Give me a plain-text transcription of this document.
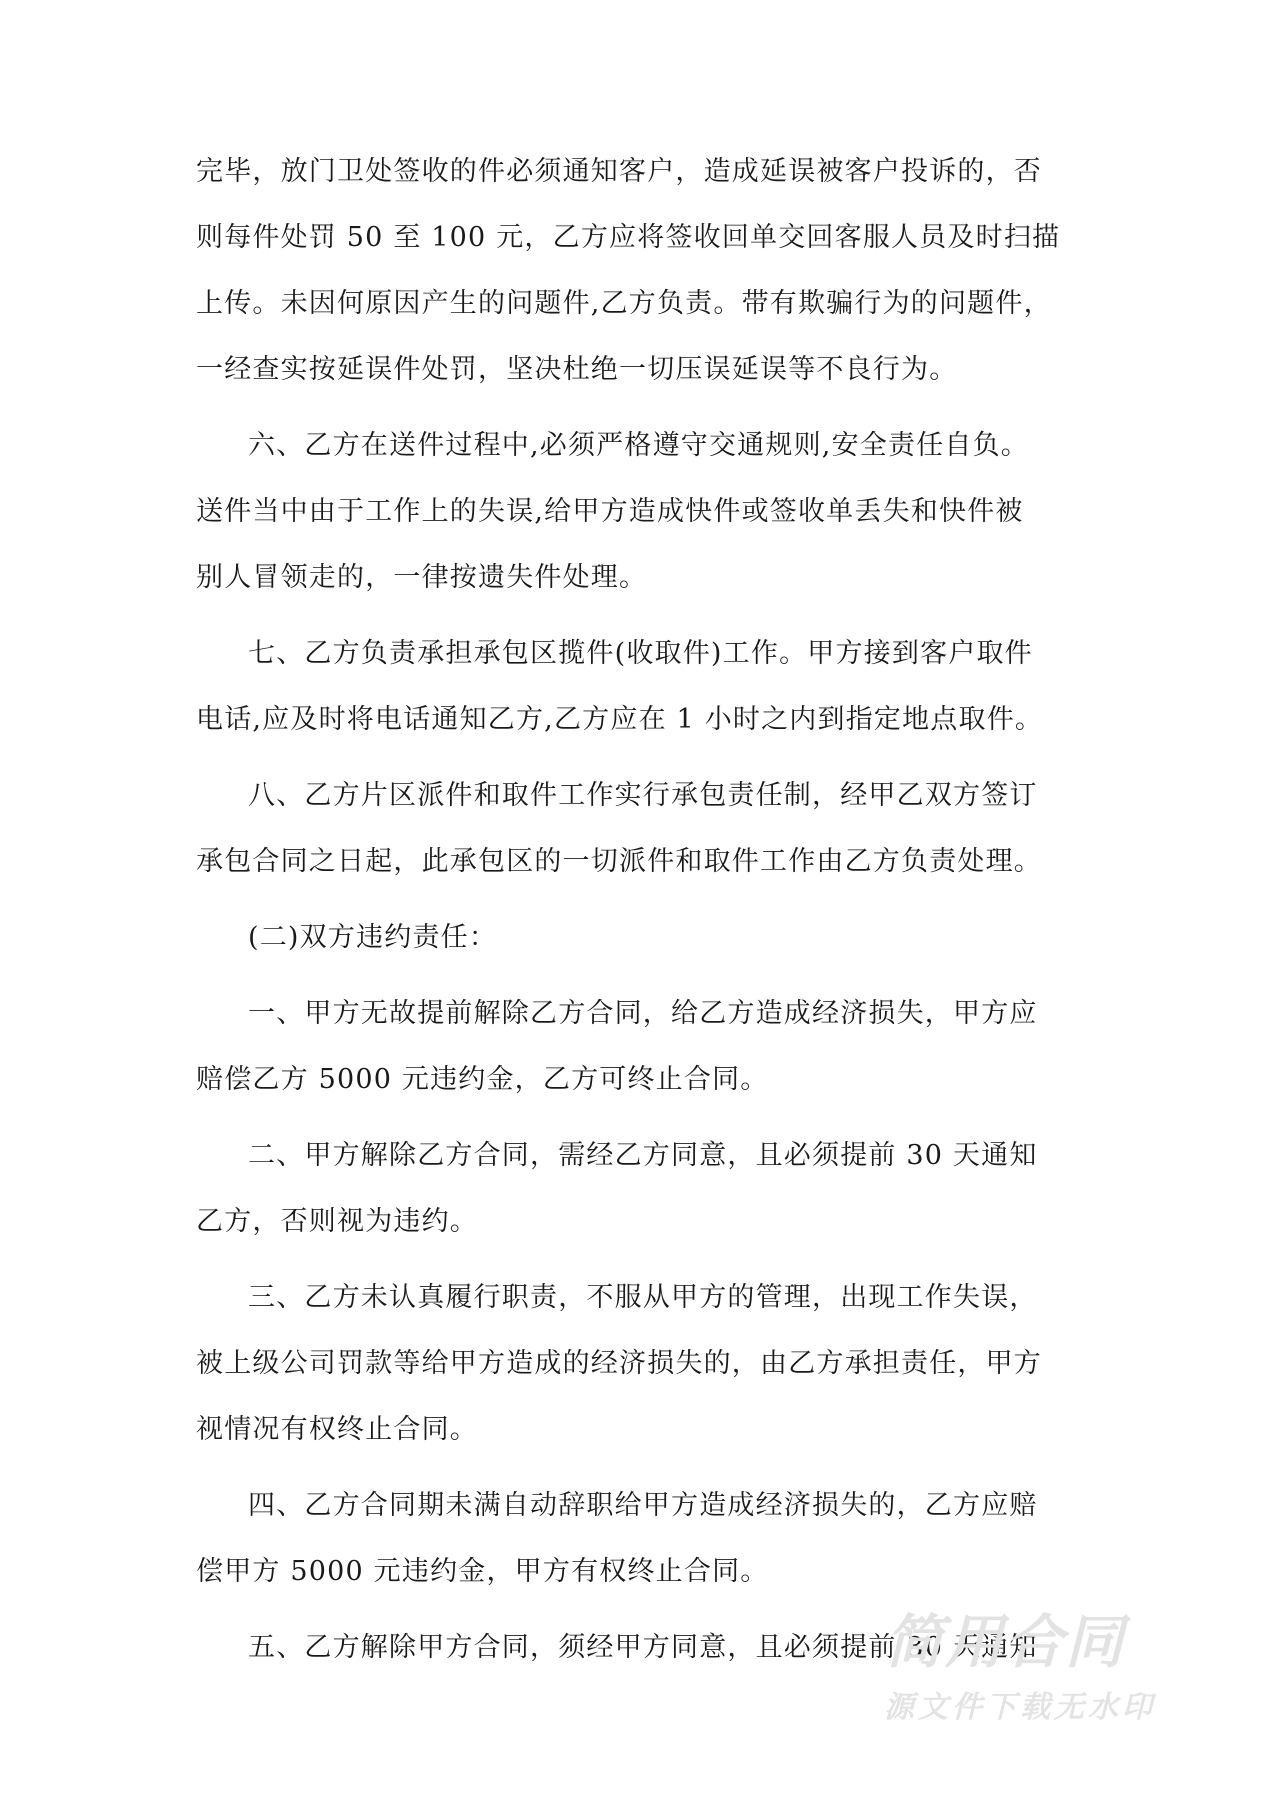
完毕，放门卫处签收的件必须通知客户，造成延误被客户投诉的，否
则每件处罚 50 至 100 元，乙方应将签收回单交回客服人员及时扫描
上传。未因何原因产生的问题件,乙方负责。带有欺骗行为的问题件，
一经查实按延误件处罚，坚决杜绝一切压误延误等不良行为。
六、乙方在送件过程中,必须严格遵守交通规则,安全责任自负。
送件当中由于工作上的失误,给甲方造成快件或签收单丢失和快件被
别人冒领走的，一律按遗失件处理。
七、乙方负责承担承包区揽件(收取件)工作。甲方接到客户取件
电话,应及时将电话通知乙方,乙方应在 1 小时之内到指定地点取件。
八、乙方片区派件和取件工作实行承包责任制，经甲乙双方签订
承包合同之日起，此承包区的一切派件和取件工作由乙方负责处理。
(二)双方违约责任：
一、甲方无故提前解除乙方合同，给乙方造成经济损失，甲方应
赔偿乙方 5000 元违约金，乙方可终止合同。
二、甲方解除乙方合同，需经乙方同意，且必须提前 30 天通知
乙方，否则视为违约。
三、乙方未认真履行职责，不服从甲方的管理，出现工作失误，
被上级公司罚款等给甲方造成的经济损失的，由乙方承担责任，甲方
视情况有权终止合同。
四、乙方合同期未满自动辞职给甲方造成经济损失的，乙方应赔
偿甲方 5000 元违约金，甲方有权终止合同。
五、乙方解除甲方合同，须经甲方同意，且必须提前 30 天通知
简用合同
源文件下载无水印
